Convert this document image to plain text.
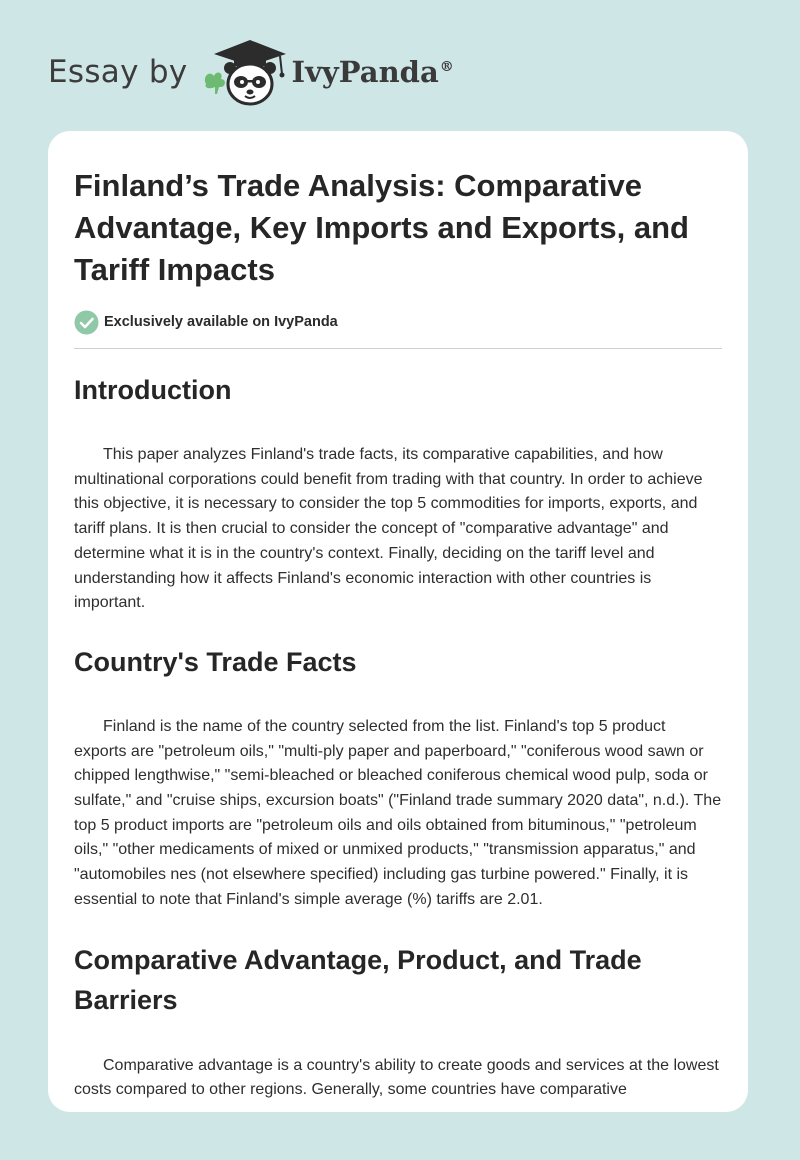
Essay by	IvyPanda®
Finland’s Trade Analysis: Comparative Advantage, Key Imports and Exports, and Tariff Impacts
Exclusively available on IvyPanda
Introduction

This paper analyzes Finland's trade facts, its comparative capabilities, and how multinational corporations could benefit from trading with that country. In order to achieve this objective, it is necessary to consider the top 5 commodities for imports, exports, and tariff plans. It is then crucial to consider the concept of "comparative advantage" and determine what it is in the country's context. Finally, deciding on the tariff level and understanding how it affects Finland's economic interaction with other countries is important.

Country's Trade Facts

Finland is the name of the country selected from the list. Finland's top 5 product exports are "petroleum oils," "multi-ply paper and paperboard," "coniferous wood sawn or chipped lengthwise," "semi-bleached or bleached coniferous chemical wood pulp, soda or sulfate," and "cruise ships, excursion boats" ("Finland trade summary 2020 data", n.d.). The top 5 product imports are "petroleum oils and oils obtained from bituminous," "petroleum oils," "other medicaments of mixed or unmixed products," "transmission apparatus," and "automobiles nes (not elsewhere specified) including gas turbine powered." Finally, it is essential to note that Finland's simple average (%) tariffs are 2.01.

Comparative Advantage, Product, and Trade Barriers

Comparative advantage is a country's ability to create goods and services at the lowest costs compared to other regions. Generally, some countries have comparative
